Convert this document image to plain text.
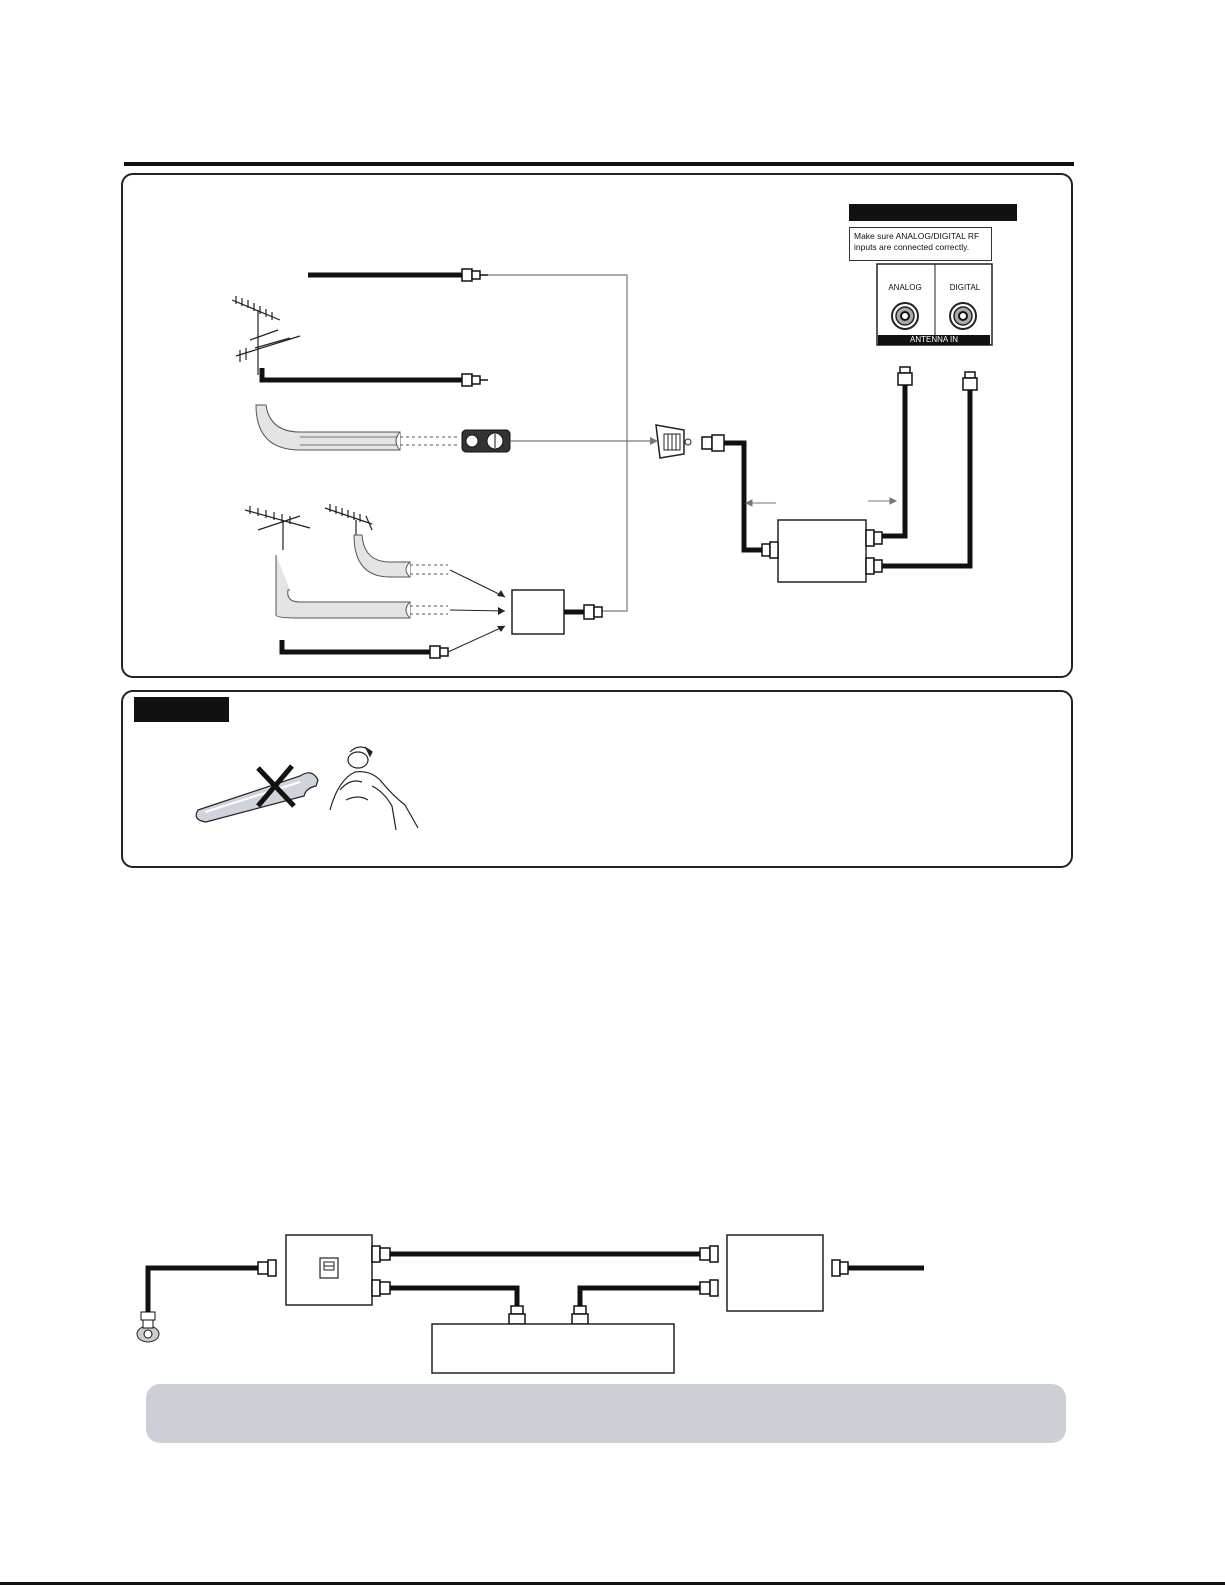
Make sure ANALOG/DIGITAL RF inputs are connected correctly.
ANALOG	DIGITAL
ANTENNA IN
